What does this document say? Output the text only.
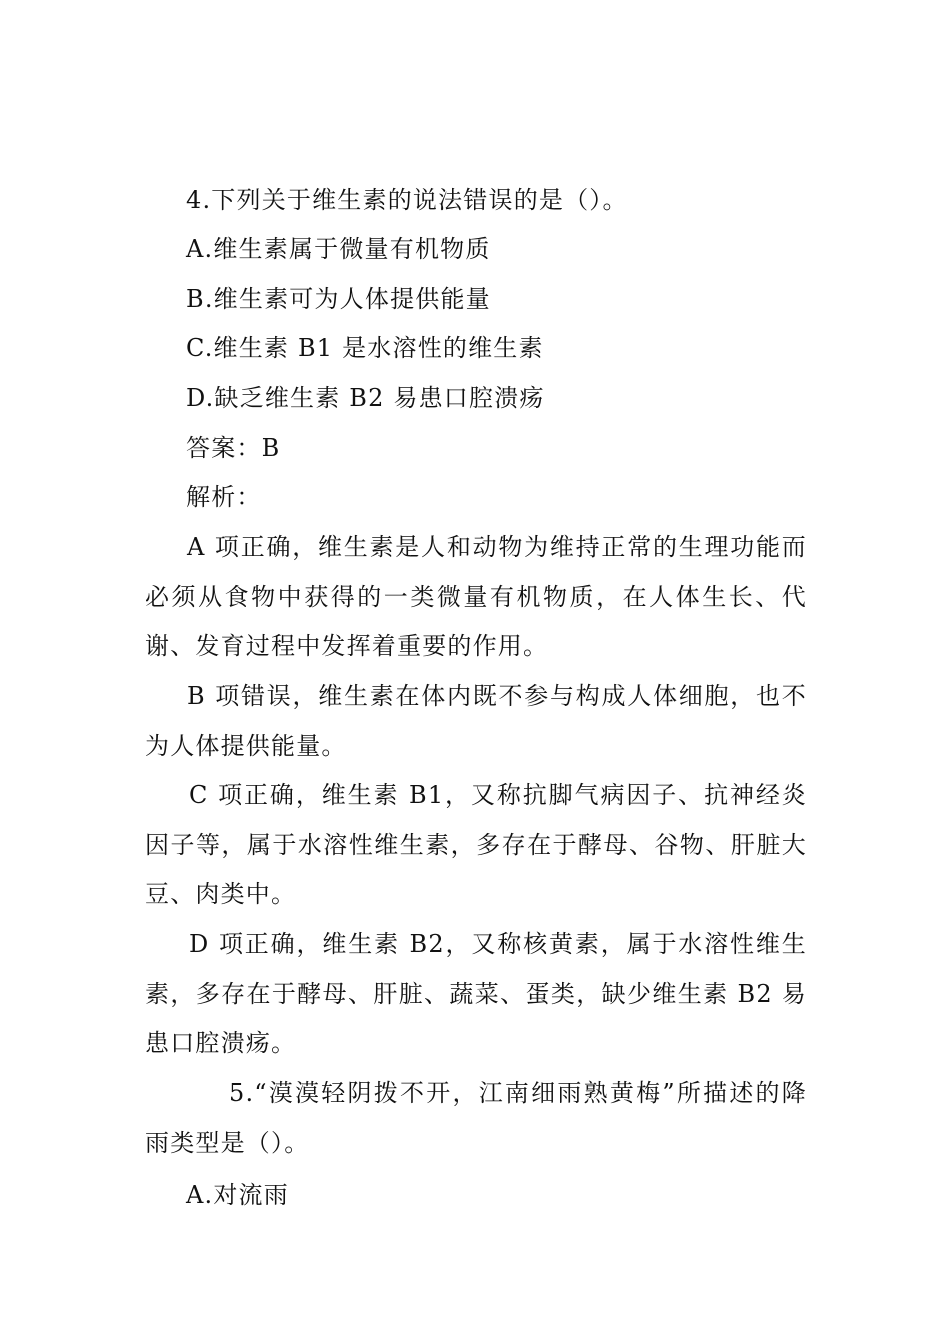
4.下列关于维生素的说法错误的是（）。
A.维生素属于微量有机物质
B.维生素可为人体提供能量
C.维生素 B1 是水溶性的维生素
D.缺乏维生素 B2 易患口腔溃疡
答案：B
解析：
A 项正确，维生素是人和动物为维持正常的生理功能而必须从食物中获得的一类微量有机物质，在人体生长、代谢、发育过程中发挥着重要的作用。
B 项错误，维生素在体内既不参与构成人体细胞，也不为人体提供能量。
C 项正确，维生素 B1，又称抗脚气病因子、抗神经炎因子等，属于水溶性维生素，多存在于酵母、谷物、肝脏大豆、肉类中。
D 项正确，维生素 B2，又称核黄素，属于水溶性维生素，多存在于酵母、肝脏、蔬菜、蛋类，缺少维生素 B2 易患口腔溃疡。
5.“漠漠轻阴拨不开，江南细雨熟黄梅”所描述的降雨类型是（）。
A.对流雨
